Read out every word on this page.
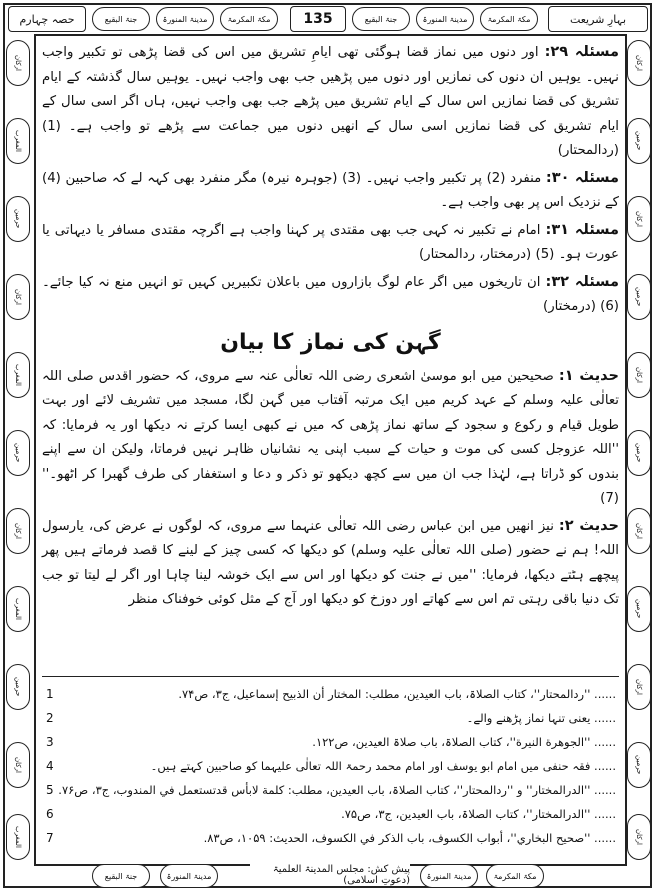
حصہ چہارم	جنۃ البقیع	مدینۃ المنورۃ	مکۃ المکرمۃ 135	جنۃ البقیع	مدینۃ المنورۃ	مکۃ المکرمۃ	بہارِ شریعت
ارکان
المغرب
حرمین
ارکان
المغرب
حرمین
ارکان
المغرب
حرمین
ارکان
المغرب
ارکان
حرمین
ارکان
حرمین
ارکان
حرمین
ارکان
حرمین
ارکان
حرمین
ارکان

مسئلہ ۲۹: اور دنوں میں نماز قضا ہوگئی تھی ایامِ تشریق میں اس کی قضا پڑھی تو تکبیر واجب نہیں۔ یوہیں ان دنوں کی نمازیں اور دنوں میں پڑھیں جب بھی واجب نہیں۔ یوہیں سال گذشتہ کے ایام تشریق کی قضا نمازیں اس سال کے ایام تشریق میں پڑھے جب بھی واجب نہیں، ہاں اگر اسی سال کے ایام تشریق کی قضا نمازیں اسی سال کے انھیں دنوں میں جماعت سے پڑھے تو واجب ہے۔ (1) (ردالمحتار)

مسئلہ ۳۰: منفرد (2) پر تکبیر واجب نہیں۔ (3) (جوہرہ نیرہ) مگر منفرد بھی کہہ لے کہ صاحبین (4) کے نزدیک اس پر بھی واجب ہے۔

مسئلہ ۳۱: امام نے تکبیر نہ کہی جب بھی مقتدی پر کہنا واجب ہے اگرچہ مقتدی مسافر یا دیہاتی یا عورت ہو۔ (5) (درمختار، ردالمحتار)

مسئلہ ۳۲: ان تاریخوں میں اگر عام لوگ بازاروں میں باعلان تکبیریں کہیں تو انہیں منع نہ کیا جائے۔ (6) (درمختار)

گہن کی نماز کا بیان

حدیث ۱: صحیحین میں ابو موسیٰ اشعری رضی اللہ تعالٰی عنہ سے مروی، کہ حضور اقدس صلی اللہ تعالٰی علیہ وسلم کے عہد کریم میں ایک مرتبہ آفتاب میں گہن لگا، مسجد میں تشریف لائے اور بہت طویل قیام و رکوع و سجود کے ساتھ نماز پڑھی کہ میں نے کبھی ایسا کرتے نہ دیکھا اور یہ فرمایا: کہ ''اللہ عزوجل کسی کی موت و حیات کے سبب اپنی یہ نشانیاں ظاہر نہیں فرماتا، ولیکن ان سے اپنے بندوں کو ڈراتا ہے، لہٰذا جب ان میں سے کچھ دیکھو تو ذکر و دعا و استغفار کی طرف گھبرا کر اٹھو۔'' (7)

حدیث ۲: نیز انھیں میں ابن عباس رضی اللہ تعالٰی عنہما سے مروی، کہ لوگوں نے عرض کی، یارسول اللہ! ہم نے حضور (صلی اللہ تعالٰی علیہ وسلم) کو دیکھا کہ کسی چیز کے لینے کا قصد فرماتے ہیں پھر پیچھے ہٹتے دیکھا، فرمایا: ''میں نے جنت کو دیکھا اور اس سے ایک خوشہ لینا چاہا اور اگر لے لیتا تو جب تک دنیا باقی رہتی تم اس سے کھاتے اور دوزخ کو دیکھا اور آج کے مثل کوئی خوفناک منظر

1	...... ''ردالمحتار''، کتاب الصلاۃ، باب العیدین، مطلب: المختار أن الذبیح إسماعیل، ج۳، ص۷۴.
2	...... یعنی تنہا نماز پڑھنے والے۔
3	...... ''الجوهرة النیرة''، کتاب الصلاۃ، باب صلاۃ العیدین، ص۱۲۲.
4	...... فقہ حنفی میں امام ابو یوسف اور امام محمد رحمۃ اللہ تعالٰی علیہما کو صاحبین کہتے ہیں۔
5 ...... ''الدرالمختار'' و ''ردالمحتار''، کتاب الصلاۃ، باب العیدین، مطلب: کلمة لابأس قدتستعمل في المندوب، ج۳، ص۷۶.
6	...... ''الدرالمختار''، کتاب الصلاۃ، باب العیدین، ج۳، ص۷۵.
7	...... ''صحیح البخاري''، أبواب الکسوف، باب الذکر في الکسوف، الحدیث: ۱۰۵۹، ص۸۳.
جنۃ البقیع	مدینۃ المنورۃ
پیش کش: مجلس المدینۃ العلمیۃ (دعوتِ اسلامی) مدینۃ المنورۃ	مکۃ المکرمۃ
